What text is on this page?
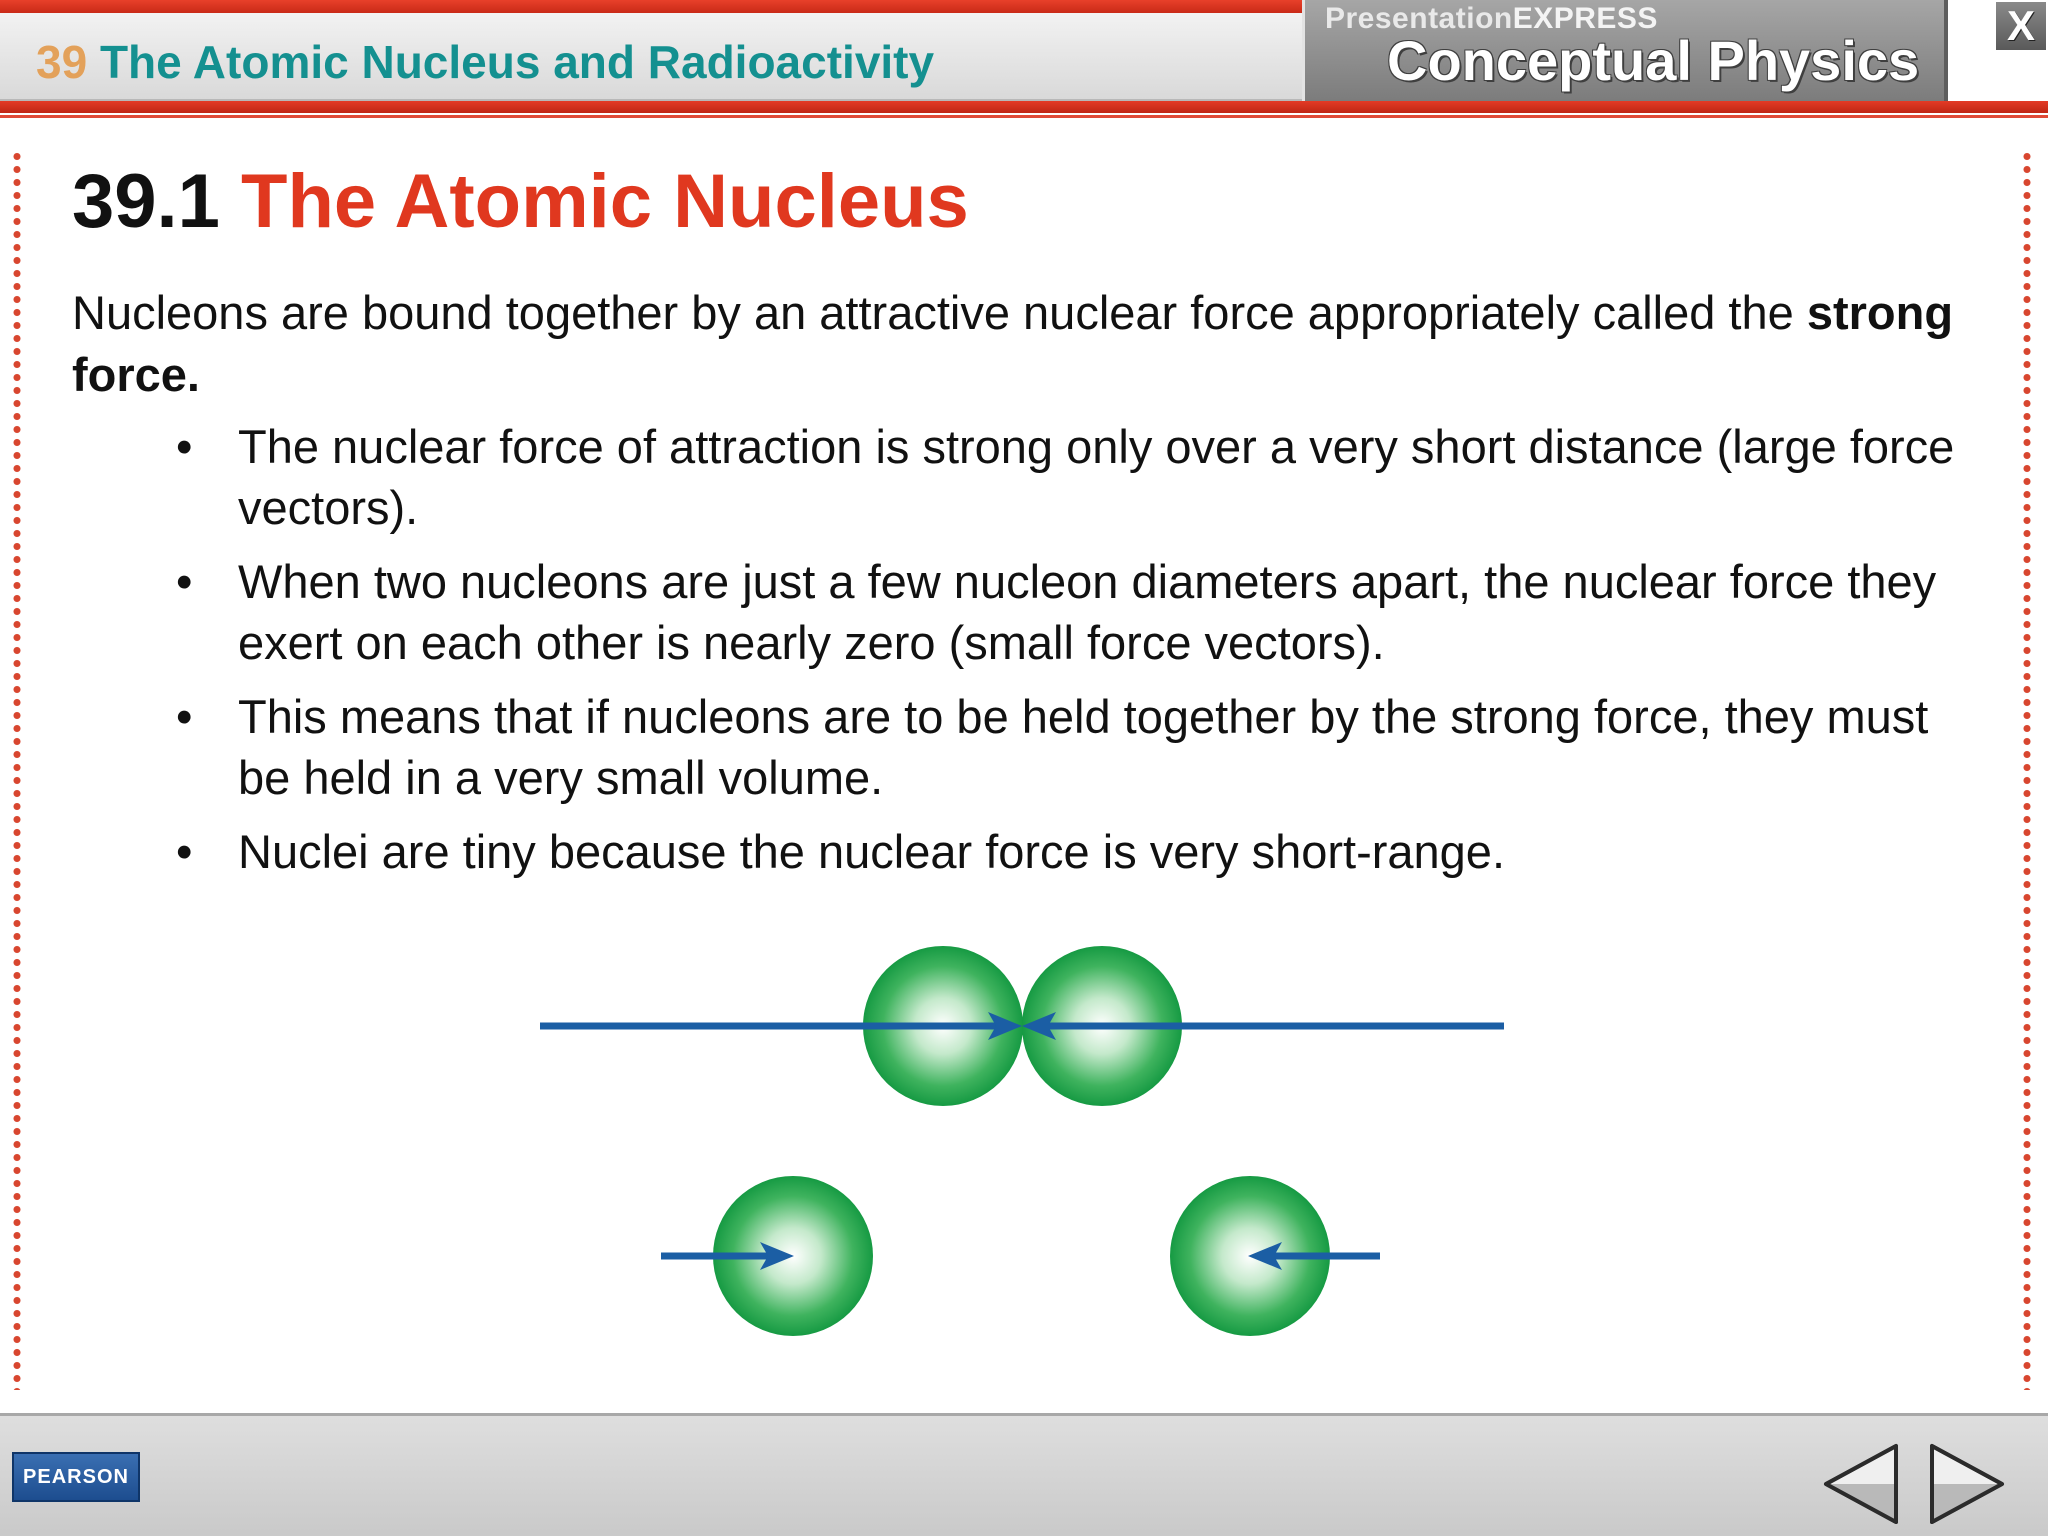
39 The Atomic Nucleus and Radioactivity
PresentationEXPRESS
Conceptual Physics
X
39.1 The Atomic Nucleus
Nucleons are bound together by an attractive nuclear force appropriately called the strong force.
• The nuclear force of attraction is strong only over a very short distance (large force vectors).
• When two nucleons are just a few nucleon diameters apart, the nuclear force they exert on each other is nearly zero (small force vectors).
• This means that if nucleons are to be held together by the strong force, they must be held in a very small volume.
• Nuclei are tiny because the nuclear force is very short-range.
PEARSON
